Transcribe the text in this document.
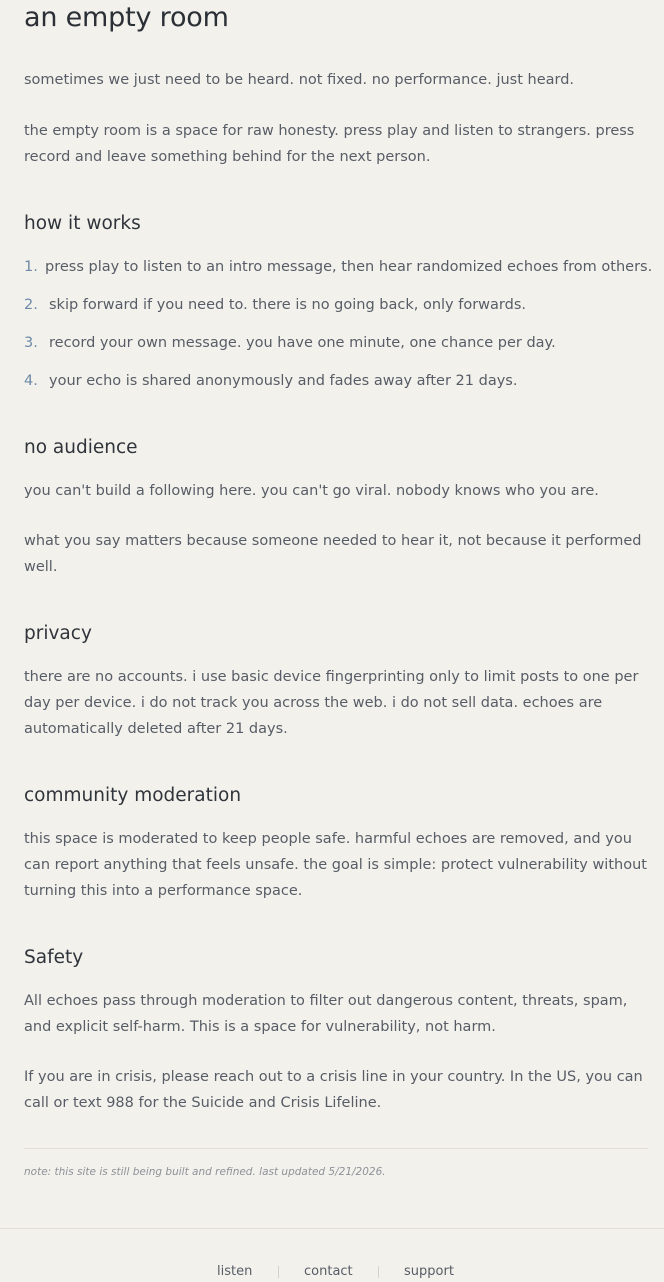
an empty room

sometimes we just need to be heard. not fixed. no performance. just heard.

the empty room is a space for raw honesty. press play and listen to strangers. press record and leave something behind for the next person.

how it works
1. press play to listen to an intro message, then hear randomized echoes from others.
2. skip forward if you need to. there is no going back, only forwards.
3. record your own message. you have one minute, one chance per day.
4. your echo is shared anonymously and fades away after 21 days.
no audience

you can't build a following here. you can't go viral. nobody knows who you are.

what you say matters because someone needed to hear it, not because it performed well.

privacy

there are no accounts. i use basic device fingerprinting only to limit posts to one per day per device. i do not track you across the web. i do not sell data. echoes are automatically deleted after 21 days.

community moderation

this space is moderated to keep people safe. harmful echoes are removed, and you can report anything that feels unsafe. the goal is simple: protect vulnerability without turning this into a performance space.

Safety

All echoes pass through moderation to filter out dangerous content, threats, spam, and explicit self-harm. This is a space for vulnerability, not harm.

If you are in crisis, please reach out to a crisis line in your country. In the US, you can call or text 988 for the Suicide and Crisis Lifeline.

note: this site is still being built and refined. last updated 5/21/2026.
listen	contact	support
